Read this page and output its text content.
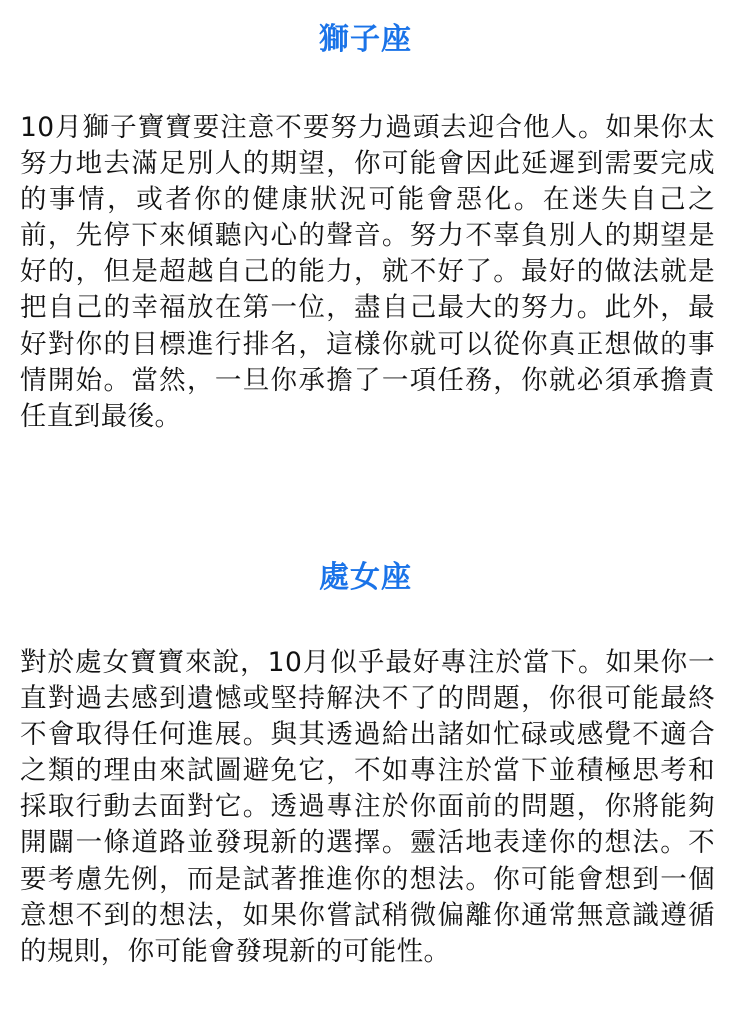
獅子座

10月獅子寶寶要注意不要努力過頭去迎合他人。如果你太努力地去滿足別人的期望，你可能會因此延遲到需要完成的事情，或者你的健康狀況可能會惡化。在迷失自己之前，先停下來傾聽內心的聲音。努力不辜負別人的期望是好的，但是超越自己的能力，就不好了。最好的做法就是把自己的幸福放在第一位，盡自己最大的努力。此外，最好對你的目標進行排名，這樣你就可以從你真正想做的事情開始。當然，一旦你承擔了一項任務，你就必須承擔責任直到最後。

處女座

對於處女寶寶來說，10月似乎最好專注於當下。如果你一直對過去感到遺憾或堅持解決不了的問題，你很可能最終不會取得任何進展。與其透過給出諸如忙碌或感覺不適合之類的理由來試圖避免它，不如專注於當下並積極思考和採取行動去面對它。透過專注於你面前的問題，你將能夠開闢一條道路並發現新的選擇。靈活地表達你的想法。不要考慮先例，而是試著推進你的想法。你可能會想到一個意想不到的想法，如果你嘗試稍微偏離你通常無意識遵循的規則，你可能會發現新的可能性。
